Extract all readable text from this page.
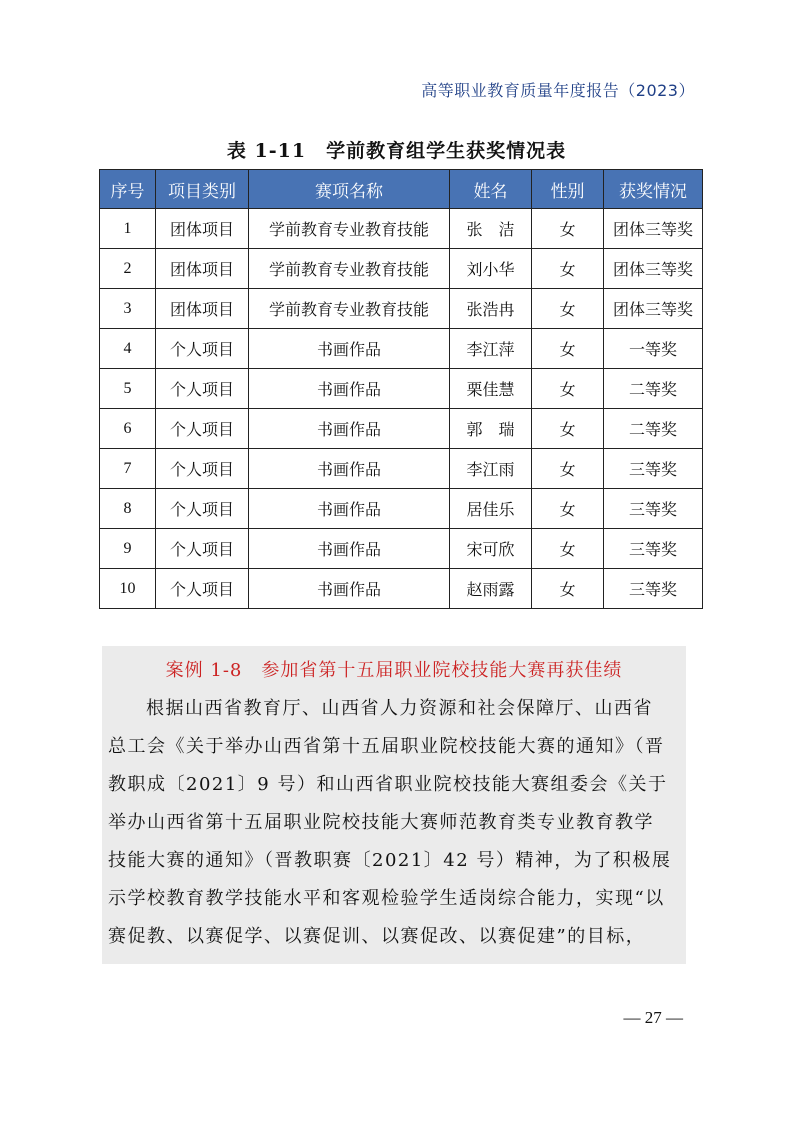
高等职业教育质量年度报告（2023）
表 1-11　学前教育组学生获奖情况表
序号	项目类别	赛项名称	姓名	性别	获奖情况
1	团体项目	学前教育专业教育技能	张　洁	女	团体三等奖
2	团体项目	学前教育专业教育技能	刘小华	女	团体三等奖
3	团体项目	学前教育专业教育技能	张浩冉	女	团体三等奖
4	个人项目	书画作品	李江萍	女	一等奖
5	个人项目	书画作品	栗佳慧	女	二等奖
6	个人项目	书画作品	郭　瑞	女	二等奖
7	个人项目	书画作品	李江雨	女	三等奖
8	个人项目	书画作品	居佳乐	女	三等奖
9	个人项目	书画作品	宋可欣	女	三等奖
10	个人项目	书画作品	赵雨露	女	三等奖
案例 1-8　参加省第十五届职业院校技能大赛再获佳绩
根据山西省教育厅、山西省人力资源和社会保障厅、山西省
总工会《关于举办山西省第十五届职业院校技能大赛的通知》（晋
教职成〔2021〕9 号）和山西省职业院校技能大赛组委会《关于
举办山西省第十五届职业院校技能大赛师范教育类专业教育教学
技能大赛的通知》（晋教职赛〔2021〕42 号）精神，为了积极展
示学校教育教学技能水平和客观检验学生适岗综合能力，实现“以
赛促教、以赛促学、以赛促训、以赛促改、以赛促建”的目标，
— 27 —
